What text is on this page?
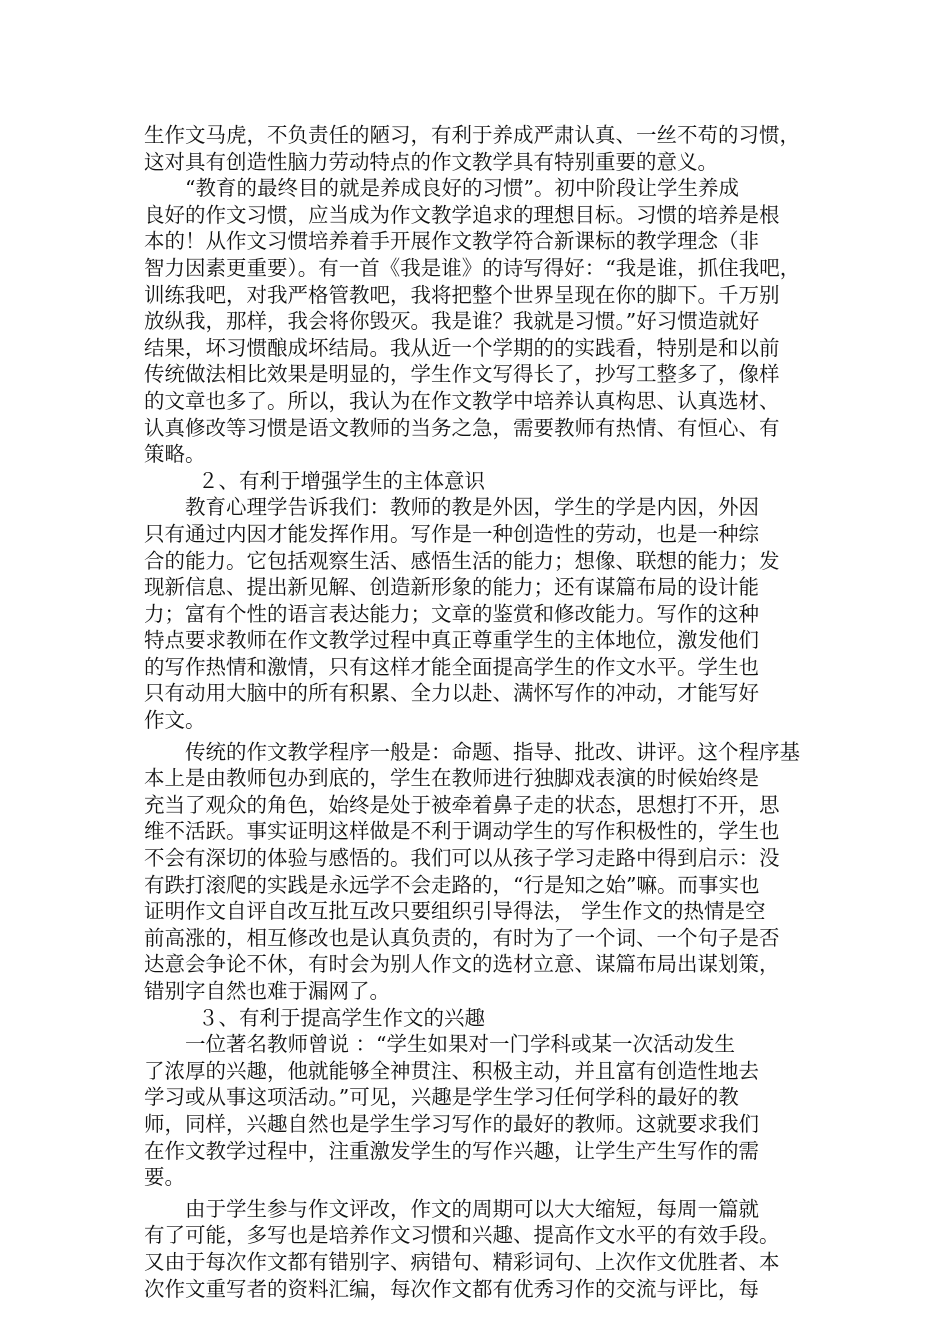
生作文马虎，不负责任的陋习，有利于养成严肃认真、一丝不苟的习惯，
这对具有创造性脑力劳动特点的作文教学具有特别重要的意义。
“教育的最终目的就是养成良好的习惯”。初中阶段让学生养成
良好的作文习惯，应当成为作文教学追求的理想目标。习惯的培养是根
本的！从作文习惯培养着手开展作文教学符合新课标的教学理念（非
智力因素更重要）。有一首《我是谁》的诗写得好：“我是谁，抓住我吧，
训练我吧，对我严格管教吧，我将把整个世界呈现在你的脚下。千万别
放纵我，那样，我会将你毁灭。我是谁？我就是习惯。”好习惯造就好
结果，坏习惯酿成坏结局。我从近一个学期的的实践看，特别是和以前
传统做法相比效果是明显的，学生作文写得长了，抄写工整多了，像样
的文章也多了。所以，我认为在作文教学中培养认真构思、认真选材、
认真修改等习惯是语文教师的当务之急，需要教师有热情、有恒心、有
策略。
２、有利于增强学生的主体意识
教育心理学告诉我们：教师的教是外因，学生的学是内因，外因
只有通过内因才能发挥作用。写作是一种创造性的劳动，也是一种综
合的能力。它包括观察生活、感悟生活的能力；想像、联想的能力；发
现新信息、提出新见解、创造新形象的能力；还有谋篇布局的设计能
力；富有个性的语言表达能力；文章的鉴赏和修改能力。写作的这种
特点要求教师在作文教学过程中真正尊重学生的主体地位，激发他们
的写作热情和激情，只有这样才能全面提高学生的作文水平。学生也
只有动用大脑中的所有积累、全力以赴、满怀写作的冲动，才能写好
作文。
传统的作文教学程序一般是：命题、指导、批改、讲评。这个程序基
本上是由教师包办到底的，学生在教师进行独脚戏表演的时候始终是
充当了观众的角色，始终是处于被牵着鼻子走的状态，思想打不开，思
维不活跃。事实证明这样做是不利于调动学生的写作积极性的，学生也
不会有深切的体验与感悟的。我们可以从孩子学习走路中得到启示：没
有跌打滚爬的实践是永远学不会走路的，“行是知之始”嘛。而事实也
证明作文自评自改互批互改只要组织引导得法， 学生作文的热情是空
前高涨的，相互修改也是认真负责的，有时为了一个词、一个句子是否
达意会争论不休，有时会为别人作文的选材立意、谋篇布局出谋划策，
错别字自然也难于漏网了。
３、有利于提高学生作文的兴趣
一位著名教师曾说 ：“学生如果对一门学科或某一次活动发生
了浓厚的兴趣，他就能够全神贯注、积极主动，并且富有创造性地去
学习或从事这项活动。”可见，兴趣是学生学习任何学科的最好的教
师，同样，兴趣自然也是学生学习写作的最好的教师。这就要求我们
在作文教学过程中，注重激发学生的写作兴趣，让学生产生写作的需
要。
由于学生参与作文评改，作文的周期可以大大缩短，每周一篇就
有了可能，多写也是培养作文习惯和兴趣、提高作文水平的有效手段。
又由于每次作文都有错别字、病错句、精彩词句、上次作文优胜者、本
次作文重写者的资料汇编，每次作文都有优秀习作的交流与评比，每
